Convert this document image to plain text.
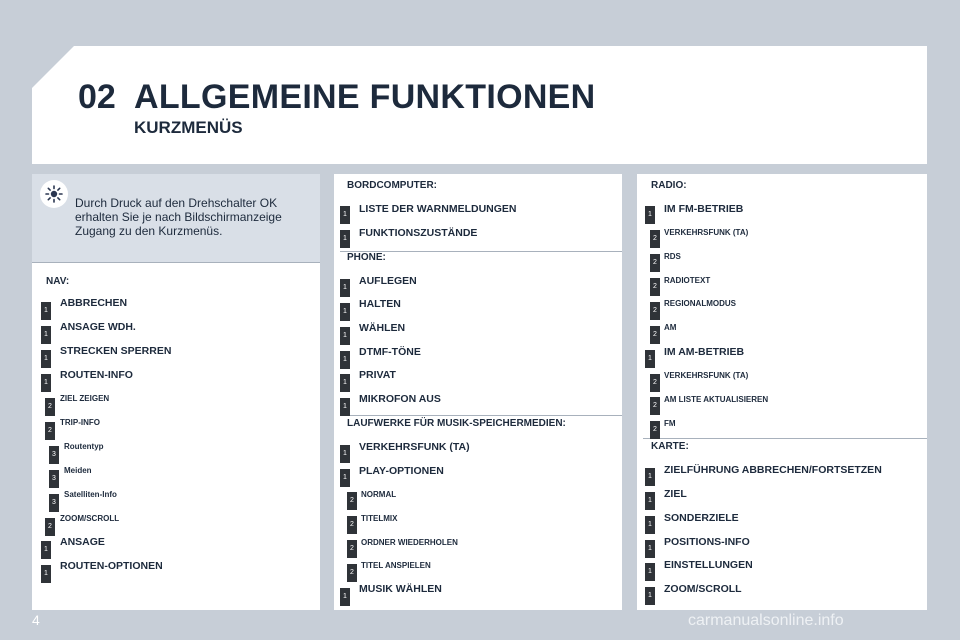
02 ALLGEMEINE FUNKTIONEN
KURZMENÜS
Durch Druck auf den Drehschalter OK erhalten Sie je nach Bildschirmanzeige Zugang zu den Kurzmenüs.
NAV:
1
ABBRECHEN
1
ANSAGE WDH.
1
STRECKEN SPERREN
1
ROUTEN-INFO
2
ZIEL ZEIGEN
2
TRIP-INFO
3
Routentyp
3
Meiden
3
Satelliten-Info
2
ZOOM/SCROLL
1
ANSAGE
1
ROUTEN-OPTIONEN
BORDCOMPUTER:
1 LISTE DER WARNMELDUNGEN
1 FUNKTIONSZUSTÄNDE
PHONE:
1
AUFLEGEN
1
HALTEN
1
WÄHLEN
1
DTMF-TÖNE
1
PRIVAT
1
MIKROFON AUS
LAUFWERKE FÜR MUSIK-SPEICHERMEDIEN:
1
VERKEHRSFUNK (TA)
1
PLAY-OPTIONEN
2
NORMAL
2
TITELMIX
2
ORDNER WIEDERHOLEN
2
TITEL ANSPIELEN
1
MUSIK WÄHLEN
RADIO:
1 IM FM-BETRIEB
2
VERKEHRSFUNK (TA)
2
RDS
2
RADIOTEXT
2
REGIONALMODUS
2
AM
1
IM AM-BETRIEB
2
VERKEHRSFUNK (TA)
2
AM LISTE AKTUALISIEREN
2
FM
KARTE:
1
ZIELFÜHRUNG ABBRECHEN/FORTSETZEN
1
ZIEL
1
SONDERZIELE
1
POSITIONS-INFO
1
EINSTELLUNGEN
1
ZOOM/SCROLL
4	carmanualsonline.info
